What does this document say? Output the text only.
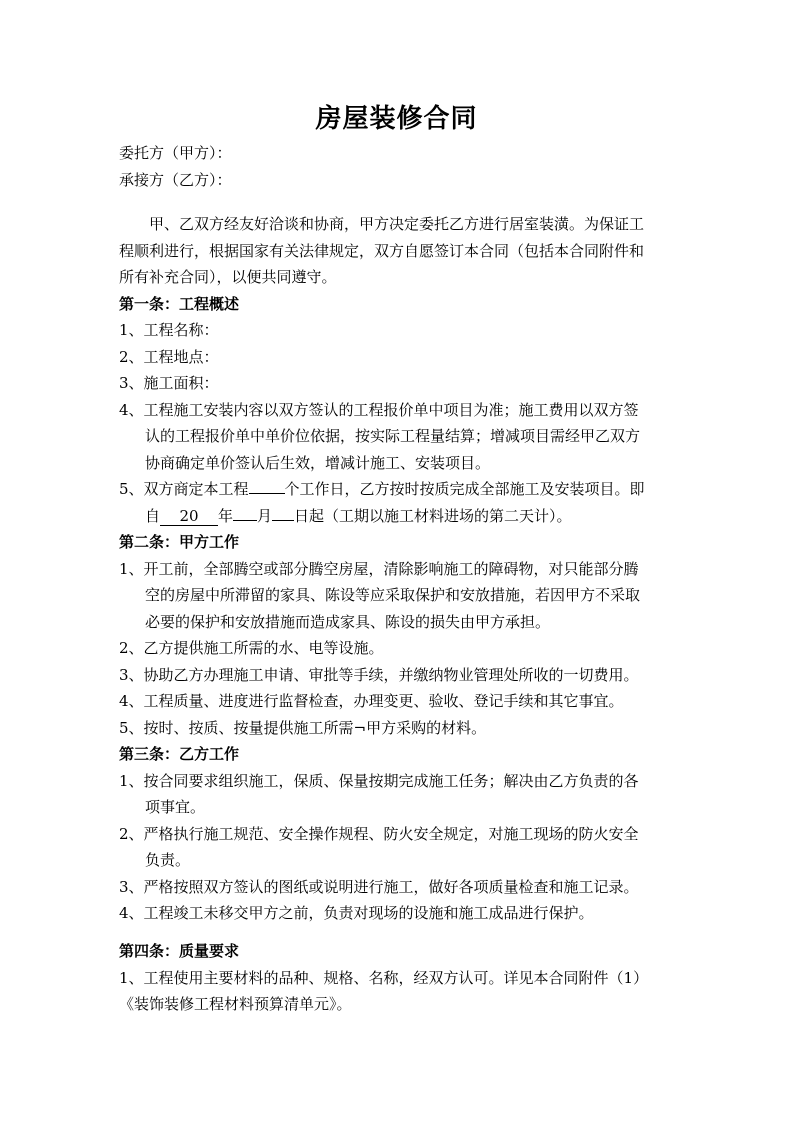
房屋装修合同
委托方（甲方）：
承接方（乙方）：
甲、乙双方经友好洽谈和协商，甲方决定委托乙方进行居室装潢。为保证工
程顺利进行，根据国家有关法律规定，双方自愿签订本合同（包括本合同附件和
所有补充合同），以便共同遵守。
第一条：工程概述
1、工程名称：
2、工程地点：
3、施工面积：
4、工程施工安装内容以双方签认的工程报价单中项目为准；施工费用以双方签
认的工程报价单中单价位依据，按实际工程量结算；增减项目需经甲乙双方
协商确定单价签认后生效，增减计施工、安装项目。
5、双方商定本工程 个工作日，乙方按时按质完成全部施工及安装项目。即
自 20 年 月 日起（工期以施工材料进场的第二天计）。
第二条：甲方工作
1、开工前，全部腾空或部分腾空房屋，清除影响施工的障碍物，对只能部分腾
空的房屋中所滞留的家具、陈设等应采取保护和安放措施，若因甲方不采取
必要的保护和安放措施而造成家具、陈设的损失由甲方承担。
2、乙方提供施工所需的水、电等设施。
3、协助乙方办理施工申请、审批等手续，并缴纳物业管理处所收的一切费用。
4、工程质量、进度进行监督检查，办理变更、验收、登记手续和其它事宜。
5、按时、按质、按量提供施工所需¬甲方采购的材料。
第三条：乙方工作
1、按合同要求组织施工，保质、保量按期完成施工任务；解决由乙方负责的各
项事宜。
2、严格执行施工规范、安全操作规程、防火安全规定，对施工现场的防火安全
负责。
3、严格按照双方签认的图纸或说明进行施工，做好各项质量检查和施工记录。
4、工程竣工未移交甲方之前，负责对现场的设施和施工成品进行保护。
第四条：质量要求
1、工程使用主要材料的品种、规格、名称，经双方认可。详见本合同附件（1）
《装饰装修工程材料预算清单元》。
